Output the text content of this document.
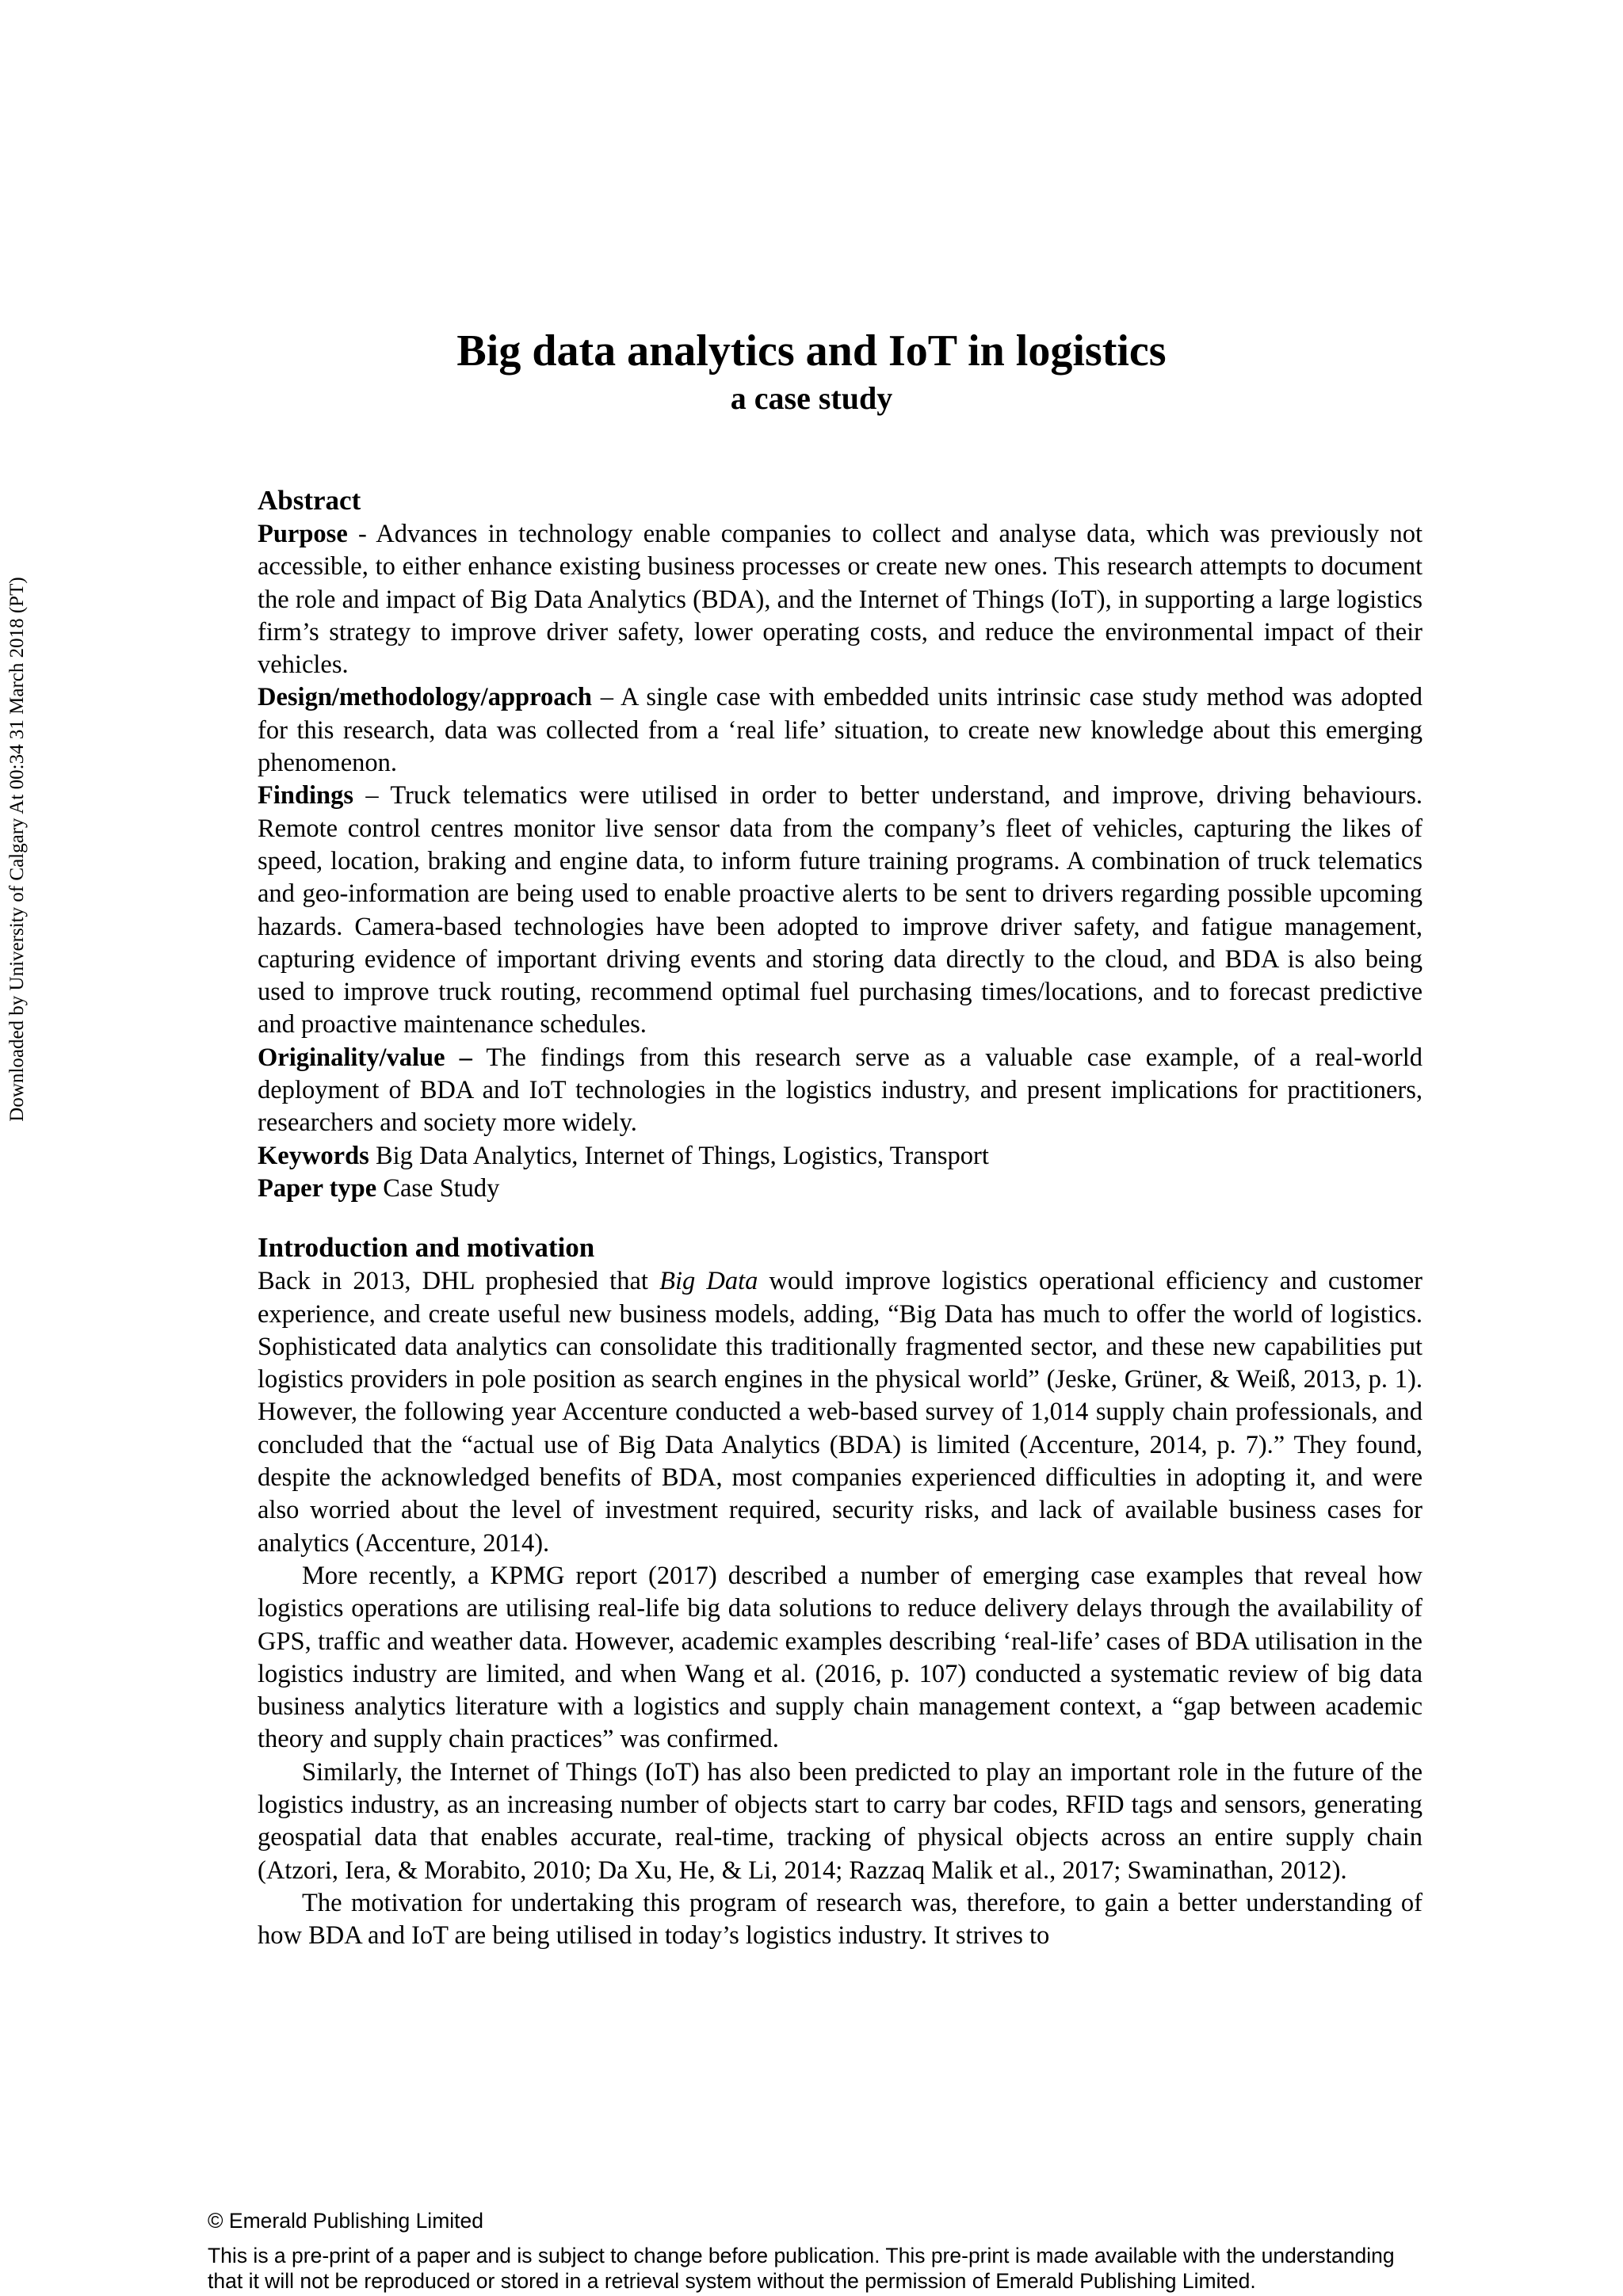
Downloaded by University of Calgary At 00:34 31 March 2018 (PT)
Big data analytics and IoT in logistics
a case study
Abstract

Purpose - Advances in technology enable companies to collect and analyse data, which was previously not accessible, to either enhance existing business processes or create new ones. This research attempts to document the role and impact of Big Data Analytics (BDA), and the Internet of Things (IoT), in supporting a large logistics firm’s strategy to improve driver safety, lower operating costs, and reduce the environmental impact of their vehicles.

Design/methodology/approach – A single case with embedded units intrinsic case study method was adopted for this research, data was collected from a ‘real life’ situation, to create new knowledge about this emerging phenomenon.

Findings – Truck telematics were utilised in order to better understand, and improve, driving behaviours. Remote control centres monitor live sensor data from the company’s fleet of vehicles, capturing the likes of speed, location, braking and engine data, to inform future training programs. A combination of truck telematics and geo-information are being used to enable proactive alerts to be sent to drivers regarding possible upcoming hazards. Camera-based technologies have been adopted to improve driver safety, and fatigue management, capturing evidence of important driving events and storing data directly to the cloud, and BDA is also being used to improve truck routing, recommend optimal fuel purchasing times/locations, and to forecast predictive and proactive maintenance schedules.

Originality/value – The findings from this research serve as a valuable case example, of a real-world deployment of BDA and IoT technologies in the logistics industry, and present implications for practitioners, researchers and society more widely.

Keywords Big Data Analytics, Internet of Things, Logistics, Transport

Paper type Case Study

Introduction and motivation

Back in 2013, DHL prophesied that Big Data would improve logistics operational efficiency and customer experience, and create useful new business models, adding, “Big Data has much to offer the world of logistics. Sophisticated data analytics can consolidate this traditionally fragmented sector, and these new capabilities put logistics providers in pole position as search engines in the physical world” (Jeske, Grüner, & Weiß, 2013, p. 1). However, the following year Accenture conducted a web-based survey of 1,014 supply chain professionals, and concluded that the “actual use of Big Data Analytics (BDA) is limited (Accenture, 2014, p. 7).” They found, despite the acknowledged benefits of BDA, most companies experienced difficulties in adopting it, and were also worried about the level of investment required, security risks, and lack of available business cases for analytics (Accenture, 2014).

More recently, a KPMG report (2017) described a number of emerging case examples that reveal how logistics operations are utilising real-life big data solutions to reduce delivery delays through the availability of GPS, traffic and weather data. However, academic examples describing ‘real-life’ cases of BDA utilisation in the logistics industry are limited, and when Wang et al. (2016, p. 107) conducted a systematic review of big data business analytics literature with a logistics and supply chain management context, a “gap between academic theory and supply chain practices” was confirmed.

Similarly, the Internet of Things (IoT) has also been predicted to play an important role in the future of the logistics industry, as an increasing number of objects start to carry bar codes, RFID tags and sensors, generating geospatial data that enables accurate, real-time, tracking of physical objects across an entire supply chain (Atzori, Iera, & Morabito, 2010; Da Xu, He, & Li, 2014; Razzaq Malik et al., 2017; Swaminathan, 2012).

The motivation for undertaking this program of research was, therefore, to gain a better understanding of how BDA and IoT are being utilised in today’s logistics industry. It strives to

© Emerald Publishing Limited
This is a pre-print of a paper and is subject to change before publication. This pre-print is made available with the understanding
that it will not be reproduced or stored in a retrieval system without the permission of Emerald Publishing Limited.
